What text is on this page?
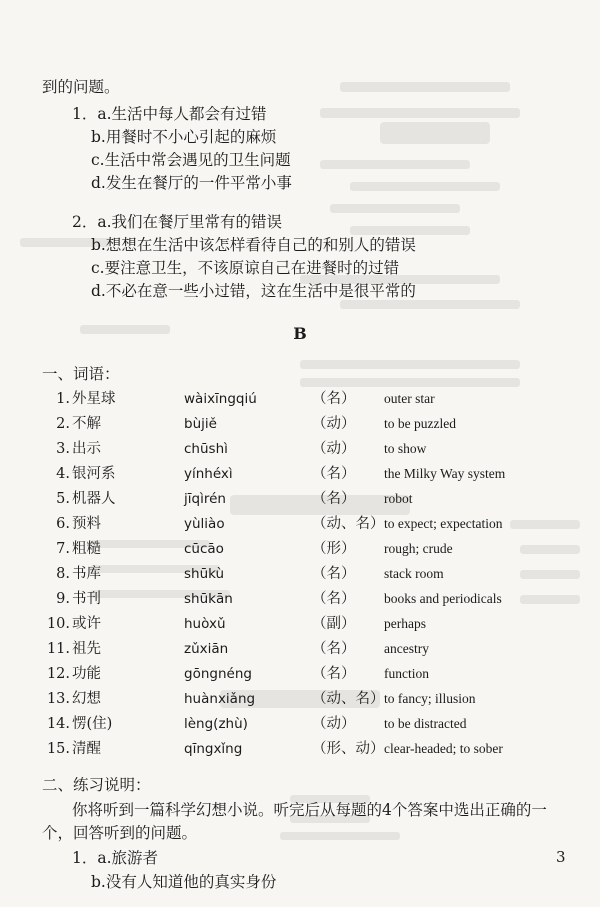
到的问题。
1．a.生活中每人都会有过错
b.用餐时不小心引起的麻烦
c.生活中常会遇见的卫生问题
d.发生在餐厅的一件平常小事
2．a.我们在餐厅里常有的错误
b.想想在生活中该怎样看待自己的和别人的错误
c.要注意卫生，不该原谅自己在进餐时的过错
d.不必在意一些小过错，这在生活中是很平常的
B
一、词语：
1. 外星球	wàixīngqiú	（名） outer star
2. 不解	bùjiě	（动） to be puzzled
3. 出示	chūshì	（动） to show
4. 银河系	yínhéxì	（名） the Milky Way system
5. 机器人	jīqìrén	（名） robot
6. 预料	yùliào	（动、名） to expect; expectation
7. 粗糙	cūcāo	（形） rough; crude
8. 书库	shūkù	（名） stack room
9. 书刊	shūkān	（名） books and periodicals
10. 或许	huòxǔ	（副） perhaps
11. 祖先	zǔxiān	（名） ancestry
12. 功能	gōngnéng	（名） function
13. 幻想	huànxiǎng	（动、名） to fancy; illusion
14. 愣(住)	lèng(zhù)	（动） to be distracted
15. 清醒	qīngxǐng	（形、动） clear-headed; to sober
二、练习说明：
你将听到一篇科学幻想小说。听完后从每题的4个答案中选出正确的一
个，回答听到的问题。
1．a.旅游者
b.没有人知道他的真实身份
3
